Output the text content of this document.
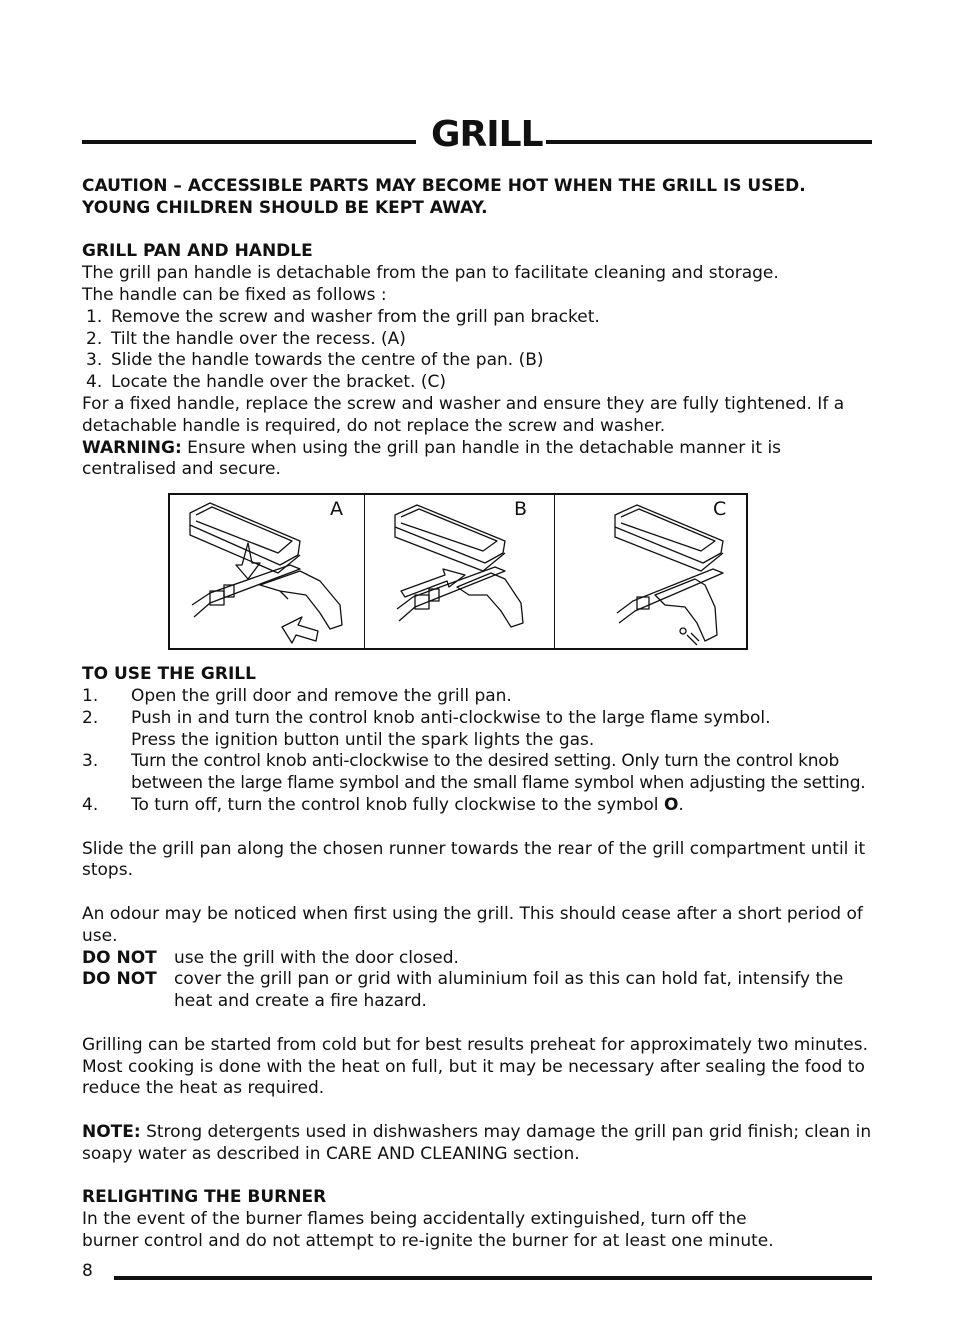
GRILL

CAUTION – ACCESSIBLE PARTS MAY BECOME HOT WHEN THE GRILL IS USED. YOUNG CHILDREN SHOULD BE KEPT AWAY.

GRILL PAN AND HANDLE

The grill pan handle is detachable from the pan to facilitate cleaning and storage.

The handle can be fixed as follows :

1. Remove the screw and washer from the grill pan bracket.
2. Tilt the handle over the recess. (A)
3. Slide the handle towards the centre of the pan. (B)
4. Locate the handle over the bracket. (C)

For a fixed handle, replace the screw and washer and ensure they are fully tightened. If a detachable handle is required, do not replace the screw and washer.

WARNING: Ensure when using the grill pan handle in the detachable manner it is centralised and secure.

A	B	C

TO USE THE GRILL

1.	Open the grill door and remove the grill pan.
2.	Push in and turn the control knob anti-clockwise to the large flame symbol.
Press the ignition button until the spark lights the gas.
3.	Turn the control knob anti-clockwise to the desired setting. Only turn the control knob between the large flame symbol and the small flame symbol when adjusting the setting.
4.	To turn off, turn the control knob fully clockwise to the symbol O.

Slide the grill pan along the chosen runner towards the rear of the grill compartment until it stops.

An odour may be noticed when first using the grill. This should cease after a short period of use.

DO NOT	use the grill with the door closed.
DO NOT	cover the grill pan or grid with aluminium foil as this can hold fat, intensify the heat and create a fire hazard.

Grilling can be started from cold but for best results preheat for approximately two minutes. Most cooking is done with the heat on full, but it may be necessary after sealing the food to reduce the heat as required.

NOTE: Strong detergents used in dishwashers may damage the grill pan grid finish; clean in soapy water as described in CARE AND CLEANING section.

RELIGHTING THE BURNER

In the event of the burner flames being accidentally extinguished, turn off the

burner control and do not attempt to re-ignite the burner for at least one minute.

8
